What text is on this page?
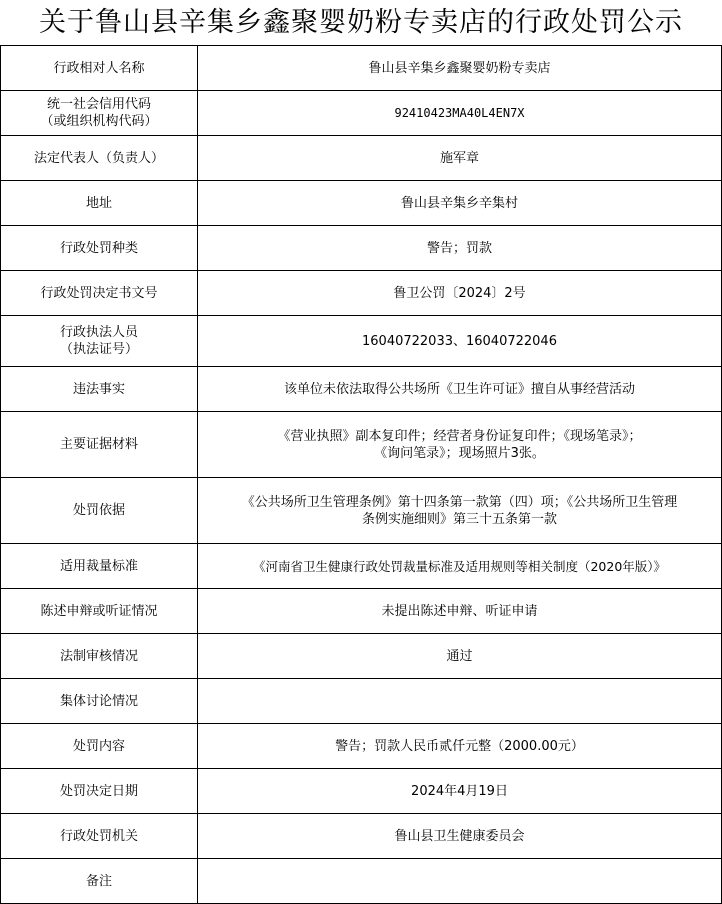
关于鲁山县辛集乡鑫聚婴奶粉专卖店的行政处罚公示
行政相对人名称	鲁山县辛集乡鑫聚婴奶粉专卖店

统一社会信用代码
（或组织机构代码）	92410423MA40L4EN7X
法定代表人（负责人）	施军章
地址	鲁山县辛集乡辛集村
行政处罚种类	警告；罚款
行政处罚决定书文号	鲁卫公罚〔2024〕2号

行政执法人员
（执法证号）	16040722033、16040722046
违法事实	该单位未依法取得公共场所《卫生许可证》擅自从事经营活动
主要证据材料	《营业执照》副本复印件；经营者身份证复印件；《现场笔录》；
《询问笔录》；现场照片3张。

处罚依据	《公共场所卫生管理条例》第十四条第一款第（四）项；《公共场所卫生管理
条例实施细则》第三十五条第一款

适用裁量标准	《河南省卫生健康行政处罚裁量标准及适用规则等相关制度（2020年版）》
陈述申辩或听证情况	未提出陈述申辩、听证申请
法制审核情况	通过
集体讨论情况	
处罚内容	警告；罚款人民币贰仟元整（2000.00元）
处罚决定日期	2024年4月19日
行政处罚机关	鲁山县卫生健康委员会
备注	
